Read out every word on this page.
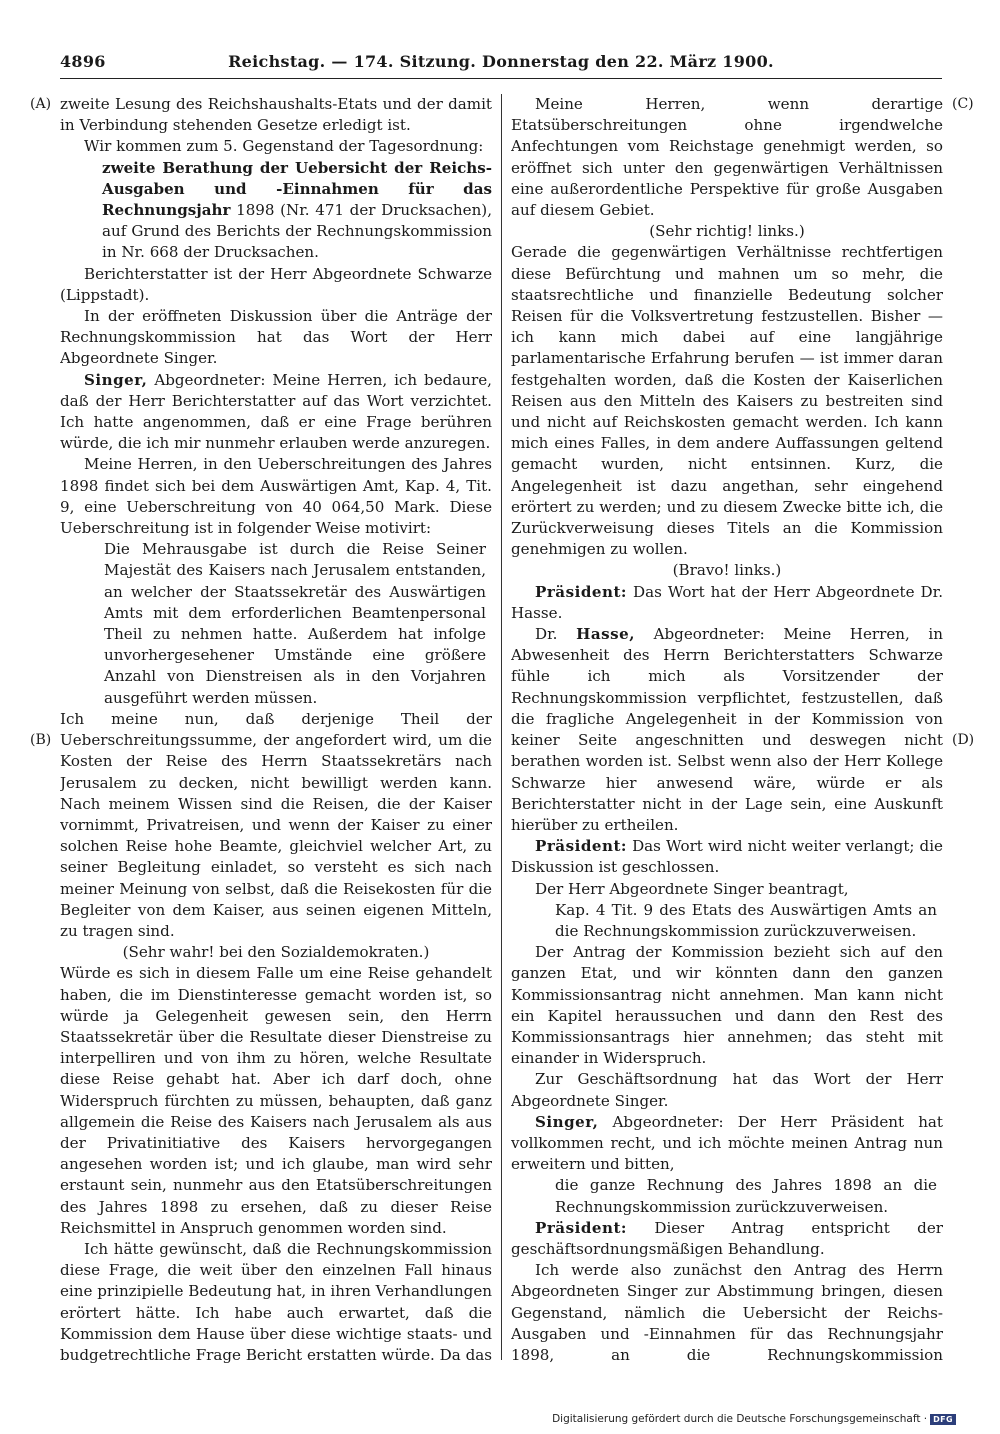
4896	Reichstag. — 174. Sitzung. Donnerstag den 22. März 1900.
(A)
(B)
(C)
(D)

zweite Lesung des Reichshaushalts-Etats und der damit in Verbindung stehenden Gesetze erledigt ist.

Wir kommen zum 5. Gegenstand der Tagesordnung:

zweite Berathung der Uebersicht der Reichs-Ausgaben und -Einnahmen für das Rechnungsjahr 1898 (Nr. 471 der Drucksachen), auf Grund des Berichts der Rechnungskommission in Nr. 668 der Drucksachen.

Berichterstatter ist der Herr Abgeordnete Schwarze (Lippstadt).

In der eröffneten Diskussion über die Anträge der Rechnungskommission hat das Wort der Herr Abgeordnete Singer.

Singer, Abgeordneter: Meine Herren, ich bedaure, daß der Herr Berichterstatter auf das Wort verzichtet. Ich hatte angenommen, daß er eine Frage berühren würde, die ich mir nunmehr erlauben werde anzuregen.

Meine Herren, in den Ueberschreitungen des Jahres 1898 findet sich bei dem Auswärtigen Amt, Kap. 4, Tit. 9, eine Ueberschreitung von 40 064,50 Mark. Diese Ueberschreitung ist in folgender Weise motivirt:

Die Mehrausgabe ist durch die Reise Seiner Majestät des Kaisers nach Jerusalem entstanden, an welcher der Staatssekretär des Auswärtigen Amts mit dem erforderlichen Beamtenpersonal Theil zu nehmen hatte. Außerdem hat infolge unvorhergesehener Umstände eine größere Anzahl von Dienstreisen als in den Vorjahren ausgeführt werden müssen.

Ich meine nun, daß derjenige Theil der Ueberschreitungssumme, der angefordert wird, um die Kosten der Reise des Herrn Staatssekretärs nach Jerusalem zu decken, nicht bewilligt werden kann. Nach meinem Wissen sind die Reisen, die der Kaiser vornimmt, Privatreisen, und wenn der Kaiser zu einer solchen Reise hohe Beamte, gleichviel welcher Art, zu seiner Begleitung einladet, so versteht es sich nach meiner Meinung von selbst, daß die Reisekosten für die Begleiter von dem Kaiser, aus seinen eigenen Mitteln, zu tragen sind.

(Sehr wahr! bei den Sozialdemokraten.)

Würde es sich in diesem Falle um eine Reise gehandelt haben, die im Dienstinteresse gemacht worden ist, so würde ja Gelegenheit gewesen sein, den Herrn Staatssekretär über die Resultate dieser Dienstreise zu interpelliren und von ihm zu hören, welche Resultate diese Reise gehabt hat. Aber ich darf doch, ohne Widerspruch fürchten zu müssen, behaupten, daß ganz allgemein die Reise des Kaisers nach Jerusalem als aus der Privatinitiative des Kaisers hervorgegangen angesehen worden ist; und ich glaube, man wird sehr erstaunt sein, nunmehr aus den Etatsüberschreitungen des Jahres 1898 zu ersehen, daß zu dieser Reise Reichsmittel in Anspruch genommen worden sind.

Ich hätte gewünscht, daß die Rechnungskommission diese Frage, die weit über den einzelnen Fall hinaus eine prinzipielle Bedeutung hat, in ihren Verhandlungen erörtert hätte. Ich habe auch erwartet, daß die Kommission dem Hause über diese wichtige staats- und budgetrechtliche Frage Bericht erstatten würde. Da das

Meine Herren, wenn derartige Etatsüberschreitungen ohne irgendwelche Anfechtungen vom Reichstage genehmigt werden, so eröffnet sich unter den gegenwärtigen Verhältnissen eine außerordentliche Perspektive für große Ausgaben auf diesem Gebiet.

(Sehr richtig! links.)

Gerade die gegenwärtigen Verhältnisse rechtfertigen diese Befürchtung und mahnen um so mehr, die staatsrechtliche und finanzielle Bedeutung solcher Reisen für die Volksvertretung festzustellen. Bisher — ich kann mich dabei auf eine langjährige parlamentarische Erfahrung berufen — ist immer daran festgehalten worden, daß die Kosten der Kaiserlichen Reisen aus den Mitteln des Kaisers zu bestreiten sind und nicht auf Reichskosten gemacht werden. Ich kann mich eines Falles, in dem andere Auffassungen geltend gemacht wurden, nicht entsinnen. Kurz, die Angelegenheit ist dazu angethan, sehr eingehend erörtert zu werden; und zu diesem Zwecke bitte ich, die Zurückverweisung dieses Titels an die Kommission genehmigen zu wollen.

(Bravo! links.)

Präsident: Das Wort hat der Herr Abgeordnete Dr. Hasse.

Dr. Hasse, Abgeordneter: Meine Herren, in Abwesenheit des Herrn Berichterstatters Schwarze fühle ich mich als Vorsitzender der Rechnungskommission verpflichtet, festzustellen, daß die fragliche Angelegenheit in der Kommission von keiner Seite angeschnitten und deswegen nicht berathen worden ist. Selbst wenn also der Herr Kollege Schwarze hier anwesend wäre, würde er als Berichterstatter nicht in der Lage sein, eine Auskunft hierüber zu ertheilen.

Präsident: Das Wort wird nicht weiter verlangt; die Diskussion ist geschlossen.

Der Herr Abgeordnete Singer beantragt,

Kap. 4 Tit. 9 des Etats des Auswärtigen Amts an die Rechnungskommission zurückzuverweisen.

Der Antrag der Kommission bezieht sich auf den ganzen Etat, und wir könnten dann den ganzen Kommissionsantrag nicht annehmen. Man kann nicht ein Kapitel heraussuchen und dann den Rest des Kommissionsantrags hier annehmen; das steht mit einander in Widerspruch.

Zur Geschäftsordnung hat das Wort der Herr Abgeordnete Singer.

Singer, Abgeordneter: Der Herr Präsident hat vollkommen recht, und ich möchte meinen Antrag nun erweitern und bitten,

die ganze Rechnung des Jahres 1898 an die Rechnungskommission zurückzuverweisen.

Präsident: Dieser Antrag entspricht der geschäftsordnungsmäßigen Behandlung.

Ich werde also zunächst den Antrag des Herrn Abgeordneten Singer zur Abstimmung bringen, diesen Gegenstand, nämlich die Uebersicht der Reichs-Ausgaben und -Einnahmen für das Rechnungsjahr 1898, an die Rechnungskommission

Digitalisierung gefördert durch die Deutsche Forschungsgemeinschaft · DFG
